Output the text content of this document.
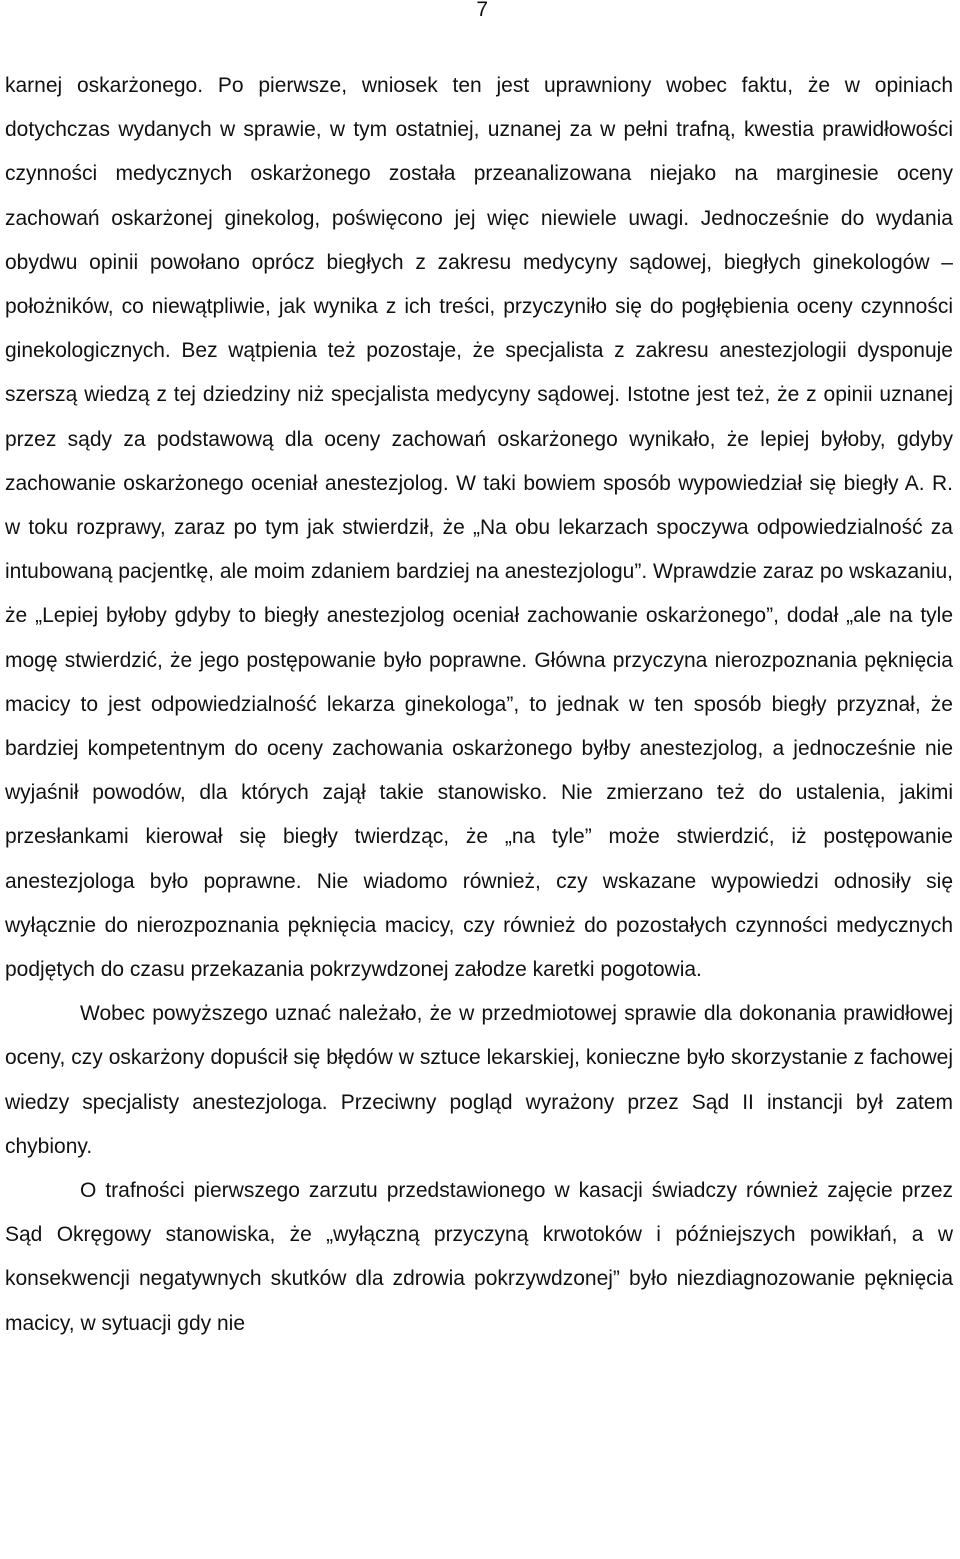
7

karnej oskarżonego. Po pierwsze, wniosek ten jest uprawniony wobec faktu, że w opiniach dotychczas wydanych w sprawie, w tym ostatniej, uznanej za w pełni trafną, kwestia prawidłowości czynności medycznych oskarżonego została przeanalizowana niejako na marginesie oceny zachowań oskarżonej ginekolog, poświęcono jej więc niewiele uwagi. Jednocześnie do wydania obydwu opinii powołano oprócz biegłych z zakresu medycyny sądowej, biegłych ginekologów – położników, co niewątpliwie, jak wynika z ich treści, przyczyniło się do pogłębienia oceny czynności ginekologicznych. Bez wątpienia też pozostaje, że specjalista z zakresu anestezjologii dysponuje szerszą wiedzą z tej dziedziny niż specjalista medycyny sądowej. Istotne jest też, że z opinii uznanej przez sądy za podstawową dla oceny zachowań oskarżonego wynikało, że lepiej byłoby, gdyby zachowanie oskarżonego oceniał anestezjolog. W taki bowiem sposób wypowiedział się biegły A. R. w toku rozprawy, zaraz po tym jak stwierdził, że „Na obu lekarzach spoczywa odpowiedzialność za intubowaną pacjentkę, ale moim zdaniem bardziej na anestezjologu”. Wprawdzie zaraz po wskazaniu, że „Lepiej byłoby gdyby to biegły anestezjolog oceniał zachowanie oskarżonego”, dodał „ale na tyle mogę stwierdzić, że jego postępowanie było poprawne. Główna przyczyna nierozpoznania pęknięcia macicy to jest odpowiedzialność lekarza ginekologa”, to jednak w ten sposób biegły przyznał, że bardziej kompetentnym do oceny zachowania oskarżonego byłby anestezjolog, a jednocześnie nie wyjaśnił powodów, dla których zajął takie stanowisko. Nie zmierzano też do ustalenia, jakimi przesłankami kierował się biegły twierdząc, że „na tyle” może stwierdzić, iż postępowanie anestezjologa było poprawne. Nie wiadomo również, czy wskazane wypowiedzi odnosiły się wyłącznie do nierozpoznania pęknięcia macicy, czy również do pozostałych czynności medycznych podjętych do czasu przekazania pokrzywdzonej załodze karetki pogotowia.

Wobec powyższego uznać należało, że w przedmiotowej sprawie dla dokonania prawidłowej oceny, czy oskarżony dopuścił się błędów w sztuce lekarskiej, konieczne było skorzystanie z fachowej wiedzy specjalisty anestezjologa. Przeciwny pogląd wyrażony przez Sąd II instancji był zatem chybiony.

O trafności pierwszego zarzutu przedstawionego w kasacji świadczy również zajęcie przez Sąd Okręgowy stanowiska, że „wyłączną przyczyną krwotoków i późniejszych powikłań, a w konsekwencji negatywnych skutków dla zdrowia pokrzywdzonej” było niezdiagnozowanie pęknięcia macicy, w sytuacji gdy nie
